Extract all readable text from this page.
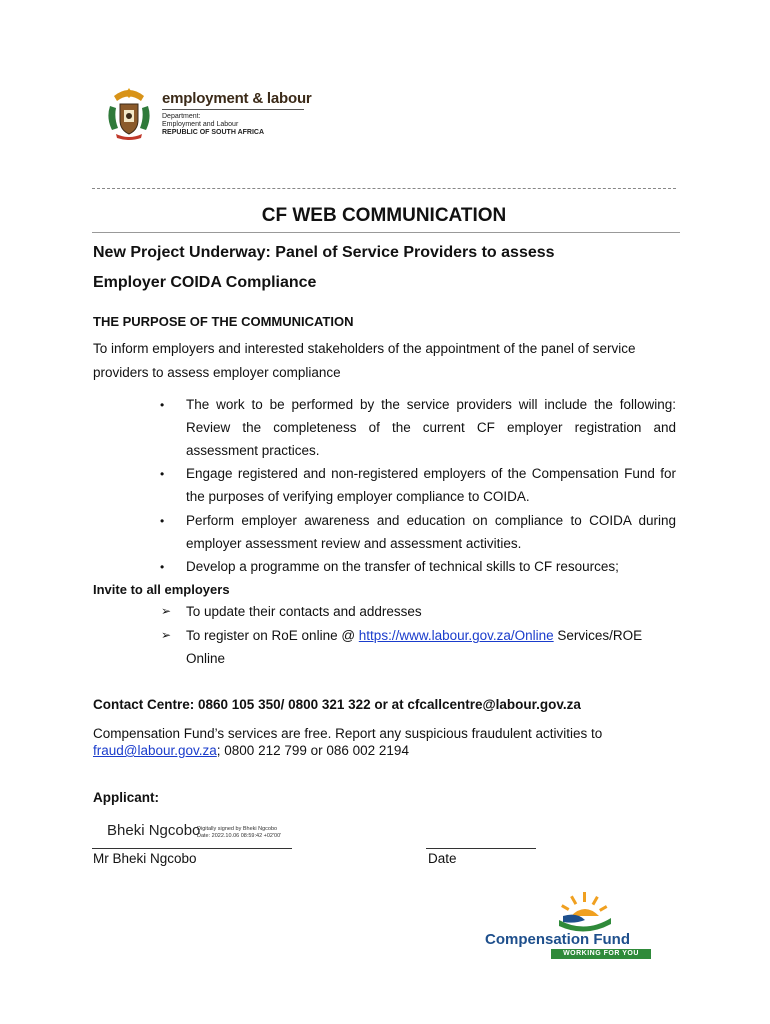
employment & labour
Department:
Employment and Labour
REPUBLIC OF SOUTH AFRICA
CF WEB COMMUNICATION
New Project Underway: Panel of Service Providers to assess
Employer COIDA Compliance
THE PURPOSE OF THE COMMUNICATION
To inform employers and interested stakeholders of the appointment of the panel of service
providers to assess employer compliance
• The work to be performed by the service providers will include the following: Review the completeness of the current CF employer registration and assessment practices.
• Engage registered and non-registered employers of the Compensation Fund for the purposes of verifying employer compliance to COIDA.
• Perform employer awareness and education on compliance to COIDA during employer assessment review and assessment activities.
• Develop a programme on the transfer of technical skills to CF resources;
Invite to all employers
➢ To update their contacts and addresses
➢ To register on RoE online @ https://www.labour.gov.za/Online Services/ROE
Online
Contact Centre: 0860 105 350/ 0800 321 322 or at cfcallcentre@labour.gov.za
Compensation Fund’s services are free. Report any suspicious fraudulent activities to
fraud@labour.gov.za; 0800 212 799 or 086 002 2194
Applicant:
Bheki Ngcobo
Digitally signed by Bheki Ngcobo
Date: 2022.10.06 08:59:42 +02'00'
Mr Bheki Ngcobo	Date
Compensation Fund
WORKING FOR YOU
